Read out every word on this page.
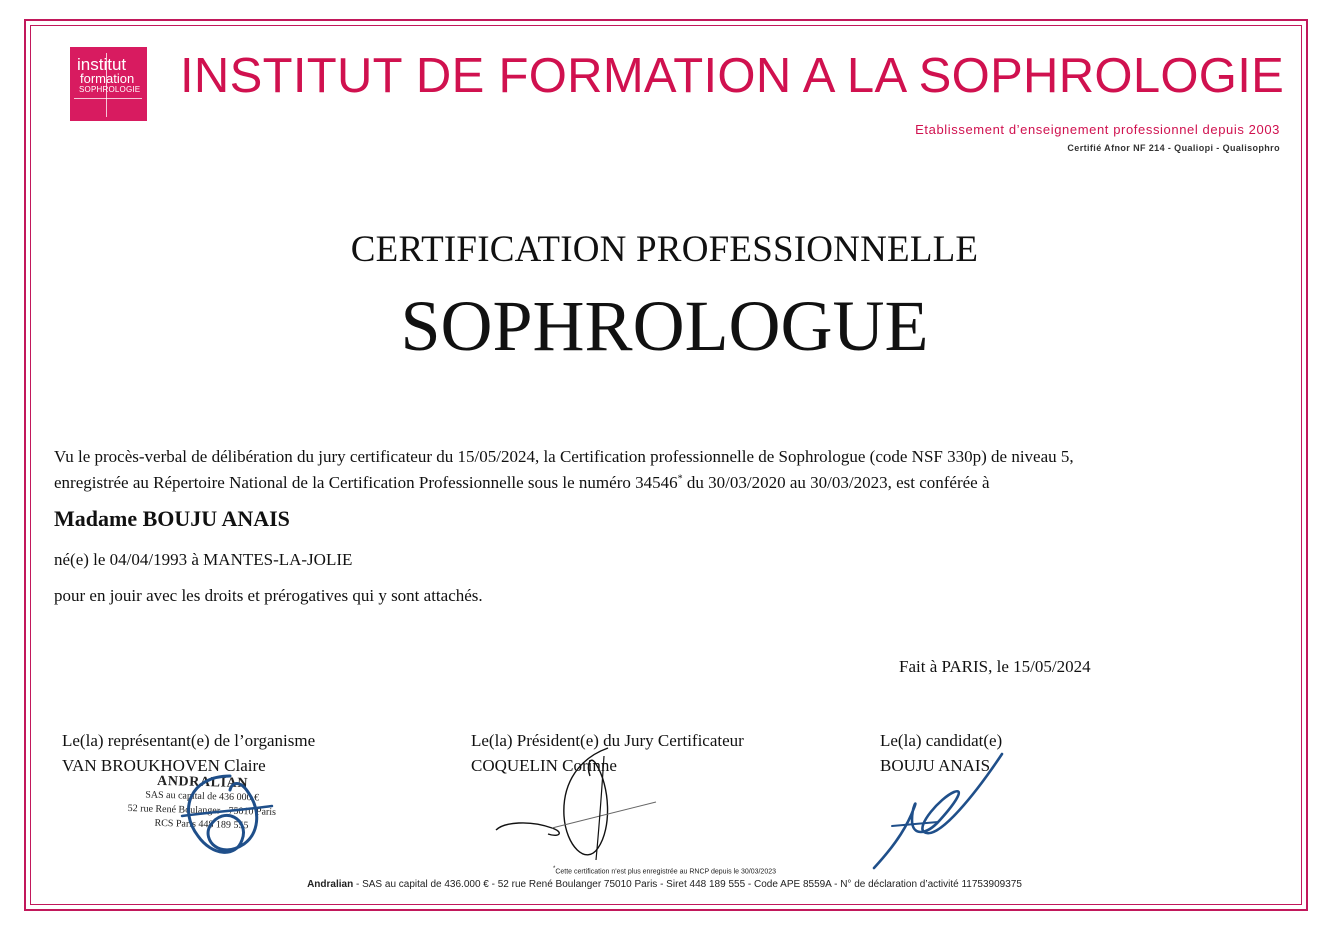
institut
formation
SOPHROLOGIE INSTITUT DE FORMATION A LA SOPHROLOGIE
Etablissement d’enseignement professionnel depuis 2003
Certifié Afnor NF 214 - Qualiopi - Qualisophro
CERTIFICATION PROFESSIONNELLE
SOPHROLOGUE
Vu le procès-verbal de délibération du jury certificateur du 15/05/2024, la Certification professionnelle de Sophrologue (code NSF 330p) de niveau 5,
enregistrée au Répertoire National de la Certification Professionnelle sous le numéro 34546* du 30/03/2020 au 30/03/2023, est conférée à
Madame BOUJU ANAIS
né(e) le 04/04/1993 à MANTES-LA-JOLIE
pour en jouir avec les droits et prérogatives qui y sont attachés.
Fait à PARIS, le 15/05/2024
Le(la) représentant(e) de l’organisme
VAN BROUKHOVEN Claire
Le(la) Président(e) du Jury Certificateur
COQUELIN Corinne
Le(la) candidat(e)
BOUJU ANAIS
ANDRALIAN
SAS au capital de 436 000 €
52 rue René Boulanger - 75010 Paris
RCS Paris 448 189 555
*Cette certification n'est plus enregistrée au RNCP depuis le 30/03/2023
Andralian - SAS au capital de 436.000 € - 52 rue René Boulanger 75010 Paris - Siret 448 189 555 - Code APE 8559A - N° de déclaration d’activité 11753909375
